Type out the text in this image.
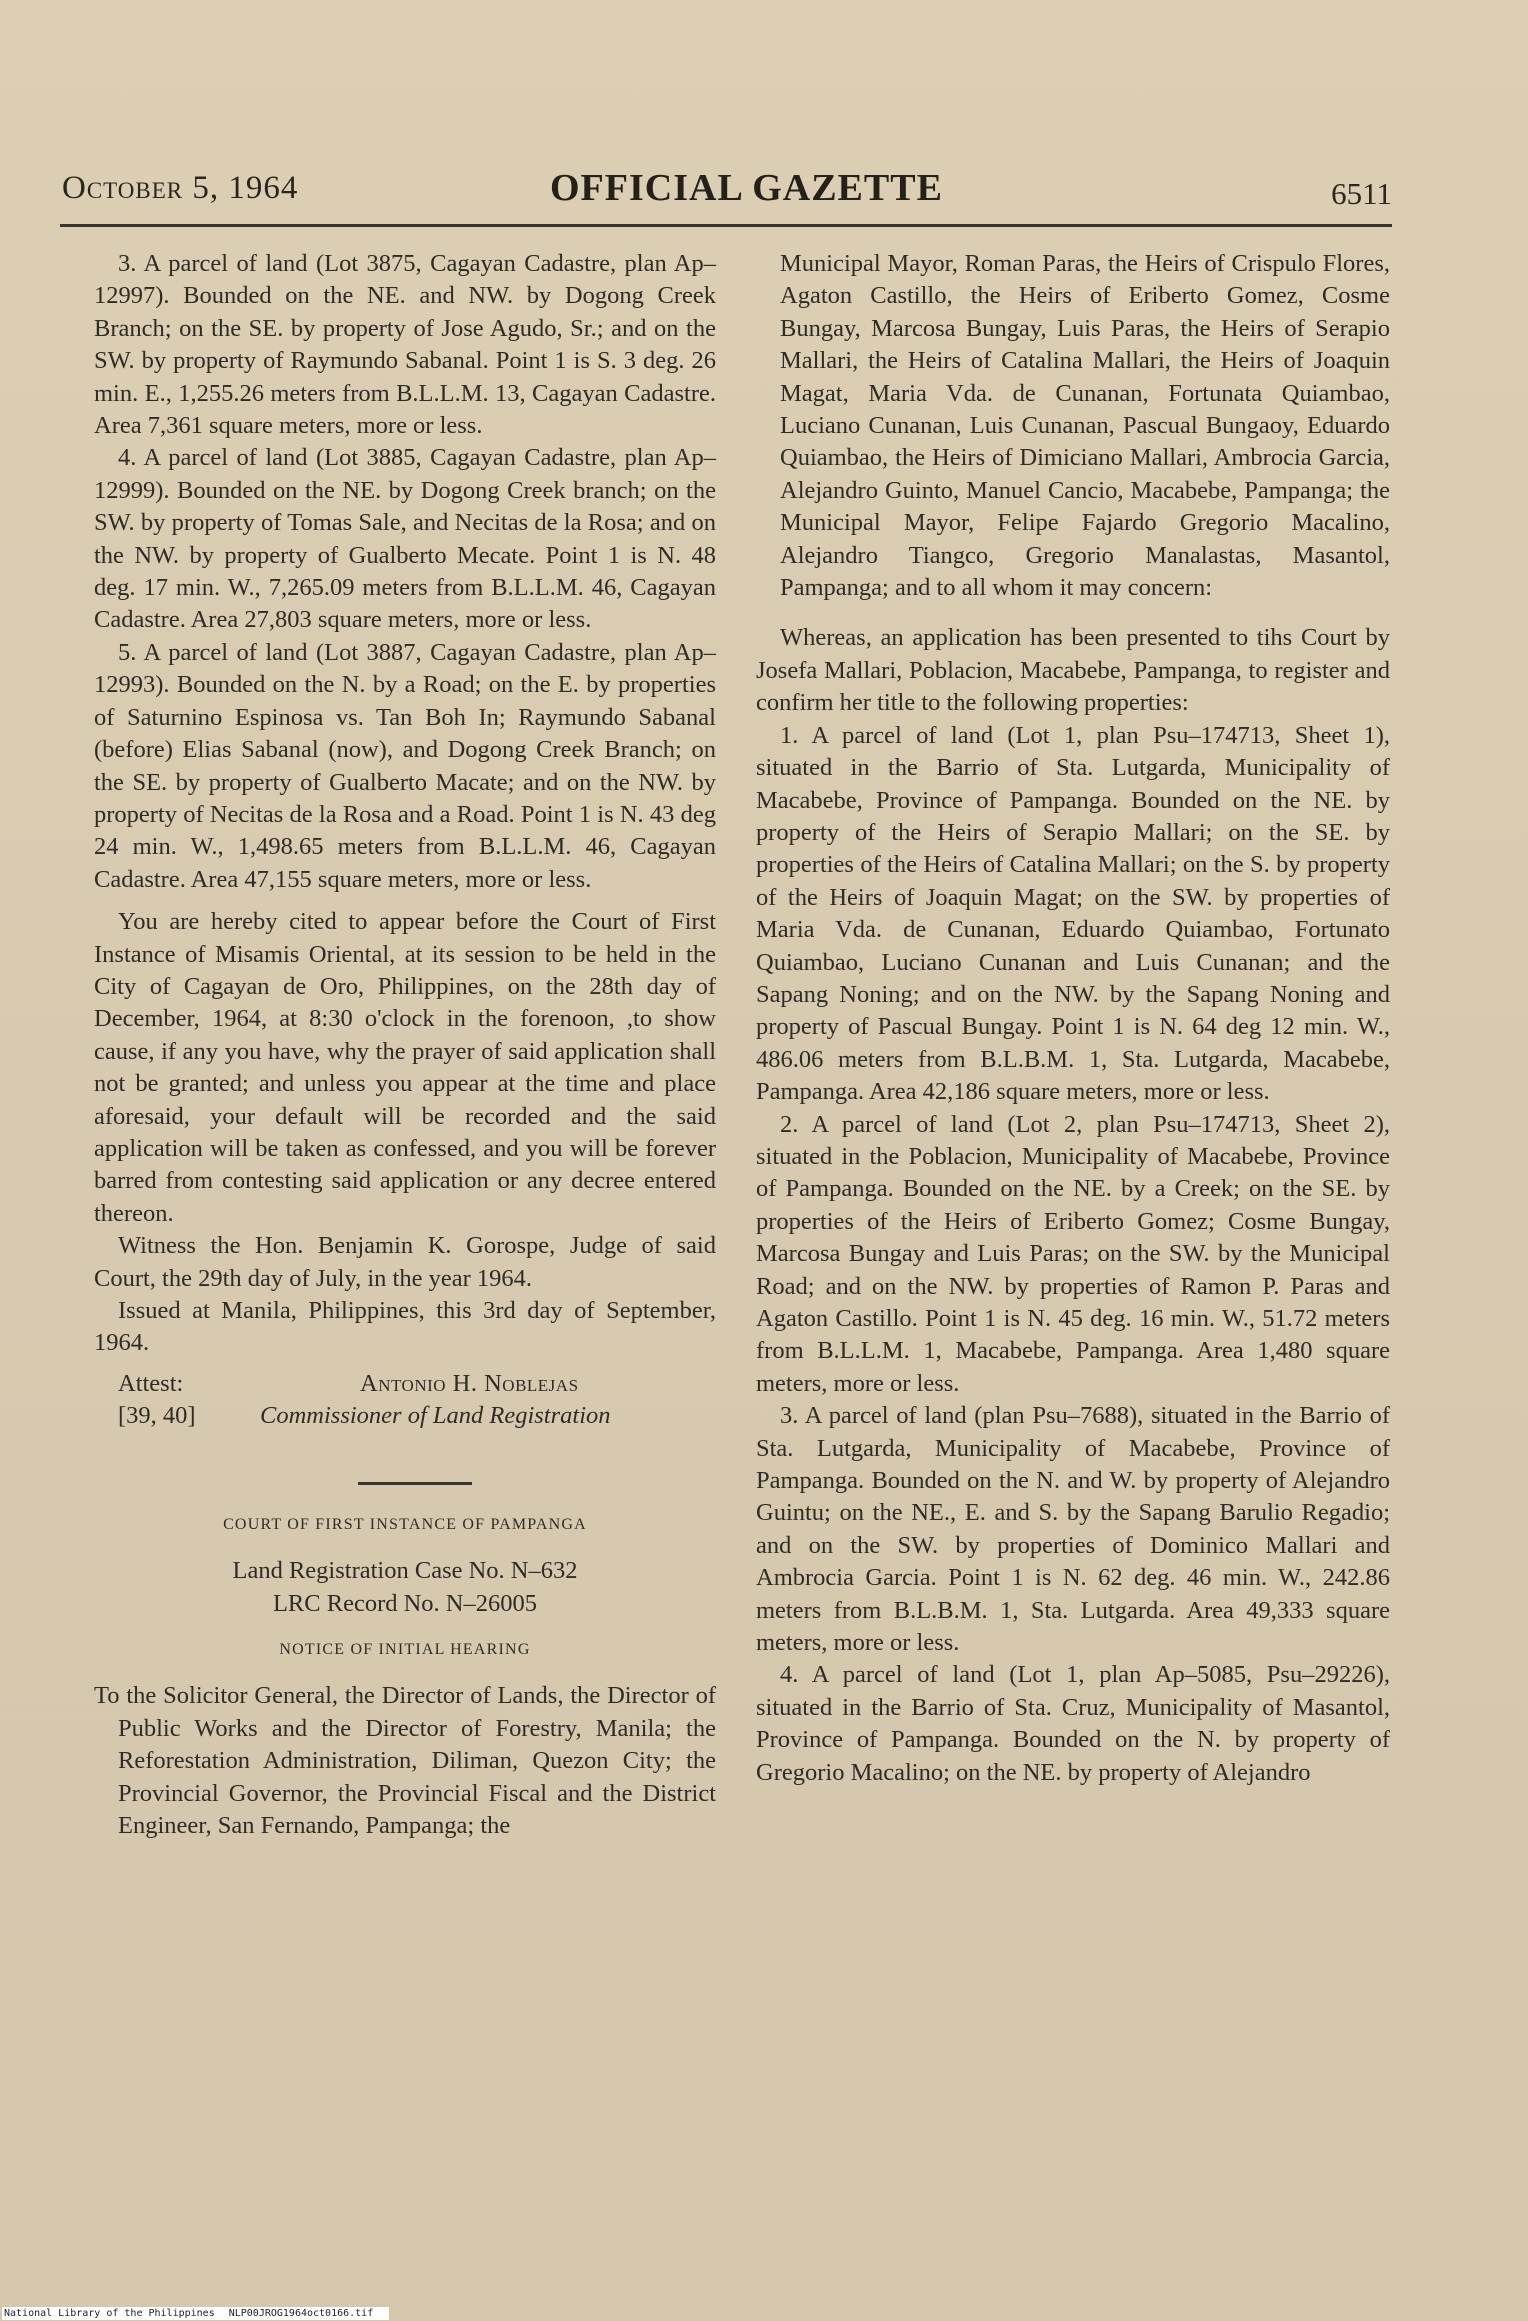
October 5, 1964	OFFICIAL GAZETTE	6511

3. A parcel of land (Lot 3875, Cagayan Cadastre, plan Ap–12997). Bounded on the NE. and NW. by Dogong Creek Branch; on the SE. by property of Jose Agudo, Sr.; and on the SW. by property of Raymundo Sabanal. Point 1 is S. 3 deg. 26 min. E., 1,255.26 meters from B.L.L.M. 13, Cagayan Cadastre. Area 7,361 square meters, more or less.

4. A parcel of land (Lot 3885, Cagayan Cadastre, plan Ap–12999). Bounded on the NE. by Dogong Creek branch; on the SW. by property of Tomas Sale, and Necitas de la Rosa; and on the NW. by property of Gualberto Mecate. Point 1 is N. 48 deg. 17 min. W., 7,265.09 meters from B.L.L.M. 46, Cagayan Cadastre. Area 27,803 square meters, more or less.

5. A parcel of land (Lot 3887, Cagayan Cadastre, plan Ap–12993). Bounded on the N. by a Road; on the E. by properties of Saturnino Espinosa vs. Tan Boh In; Raymundo Sabanal (before) Elias Sabanal (now), and Dogong Creek Branch; on the SE. by property of Gualberto Macate; and on the NW. by property of Necitas de la Rosa and a Road. Point 1 is N. 43 deg 24 min. W., 1,498.65 meters from B.L.L.M. 46, Cagayan Cadastre. Area 47,155 square meters, more or less.

You are hereby cited to appear before the Court of First Instance of Misamis Oriental, at its session to be held in the City of Cagayan de Oro, Philippines, on the 28th day of December, 1964, at 8:30 o'clock in the forenoon, ,to show cause, if any you have, why the prayer of said application shall not be granted; and unless you appear at the time and place aforesaid, your default will be recorded and the said application will be taken as confessed, and you will be forever barred from contesting said application or any decree entered thereon.

Witness the Hon. Benjamin K. Gorospe, Judge of said Court, the 29th day of July, in the year 1964.

Issued at Manila, Philippines, this 3rd day of September, 1964.

Attest:	Antonio H. Noblejas
[39, 40]	Commissioner of Land Registration

COURT OF FIRST INSTANCE OF PAMPANGA

Land Registration Case No. N–632

LRC Record No. N–26005

NOTICE OF INITIAL HEARING

To the Solicitor General, the Director of Lands, the Director of Public Works and the Director of Forestry, Manila; the Reforestation Administration, Diliman, Quezon City; the Provincial Governor, the Provincial Fiscal and the District Engineer, San Fernando, Pampanga; the

Municipal Mayor, Roman Paras, the Heirs of Crispulo Flores, Agaton Castillo, the Heirs of Eriberto Gomez, Cosme Bungay, Marcosa Bungay, Luis Paras, the Heirs of Serapio Mallari, the Heirs of Catalina Mallari, the Heirs of Joaquin Magat, Maria Vda. de Cunanan, Fortunata Quiambao, Luciano Cunanan, Luis Cunanan, Pascual Bungaoy, Eduardo Quiambao, the Heirs of Dimiciano Mallari, Ambrocia Garcia, Alejandro Guinto, Manuel Cancio, Macabebe, Pampanga; the Municipal Mayor, Felipe Fajardo Gregorio Macalino, Alejandro Tiangco, Gregorio Manalastas, Masantol, Pampanga; and to all whom it may concern:

Whereas, an application has been presented to tihs Court by Josefa Mallari, Poblacion, Macabebe, Pampanga, to register and confirm her title to the following properties:

1. A parcel of land (Lot 1, plan Psu–174713, Sheet 1), situated in the Barrio of Sta. Lutgarda, Municipality of Macabebe, Province of Pampanga. Bounded on the NE. by property of the Heirs of Serapio Mallari; on the SE. by properties of the Heirs of Catalina Mallari; on the S. by property of the Heirs of Joaquin Magat; on the SW. by properties of Maria Vda. de Cunanan, Eduardo Quiambao, Fortunato Quiambao, Luciano Cunanan and Luis Cunanan; and the Sapang Noning; and on the NW. by the Sapang Noning and property of Pascual Bungay. Point 1 is N. 64 deg 12 min. W., 486.06 meters from B.L.B.M. 1, Sta. Lutgarda, Macabebe, Pampanga. Area 42,186 square meters, more or less.

2. A parcel of land (Lot 2, plan Psu–174713, Sheet 2), situated in the Poblacion, Municipality of Macabebe, Province of Pampanga. Bounded on the NE. by a Creek; on the SE. by properties of the Heirs of Eriberto Gomez; Cosme Bungay, Marcosa Bungay and Luis Paras; on the SW. by the Municipal Road; and on the NW. by properties of Ramon P. Paras and Agaton Castillo. Point 1 is N. 45 deg. 16 min. W., 51.72 meters from B.L.L.M. 1, Macabebe, Pampanga. Area 1,480 square meters, more or less.

3. A parcel of land (plan Psu–7688), situated in the Barrio of Sta. Lutgarda, Municipality of Macabebe, Province of Pampanga. Bounded on the N. and W. by property of Alejandro Guintu; on the NE., E. and S. by the Sapang Barulio Regadio; and on the SW. by properties of Dominico Mallari and Ambrocia Garcia. Point 1 is N. 62 deg. 46 min. W., 242.86 meters from B.L.B.M. 1, Sta. Lutgarda. Area 49,333 square meters, more or less.

4. A parcel of land (Lot 1, plan Ap–5085, Psu–29226), situated in the Barrio of Sta. Cruz, Municipality of Masantol, Province of Pampanga. Bounded on the N. by property of Gregorio Macalino; on the NE. by property of Alejandro

National Library of the Philippines NLP00JROG1964oct0166.tif
